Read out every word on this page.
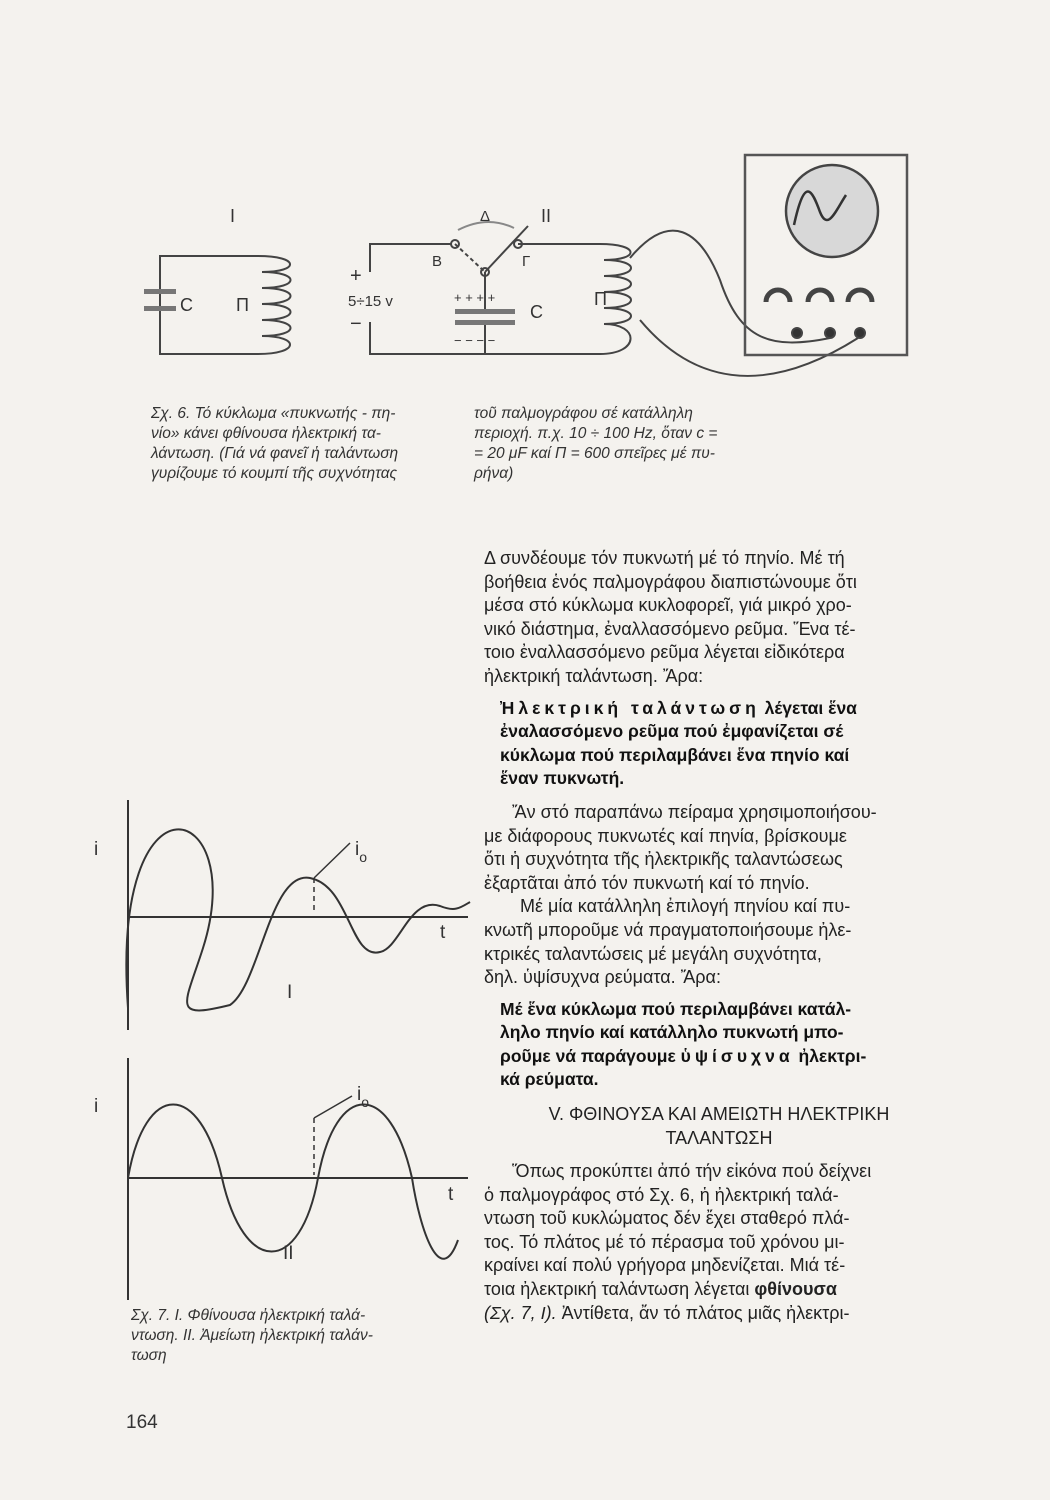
I	II
C Π
+
−
5÷15 v
B
Δ
Γ
+ + + +
− − − −
C
Π
Σχ. 6. Τό κύκλωμα «πυκνωτής - πη-
νίο» κάνει φθίνουσα ἠλεκτρική τα-
λάντωση. (Γιά νά φανεῖ ἡ ταλάντωση
γυρίζουμε τό κουμπί τῆς συχνότητας
τοῦ παλμογράφου σέ κατάλληλη
περιοχή. π.χ. 10 ÷ 100 Hz, ὅταν c =
= 20 μF καί Π = 600 σπεῖρες μέ πυ-
ρήνα)
i
i
t
t
$i_o$
$i_o$
I
II
Σχ. 7. Ι. Φθίνουσα ἠλεκτρική ταλά-
ντωση. ΙΙ. Ἀμείωτη ἠλεκτρική ταλάν-
τωση
Δ συνδέουμε τόν πυκνωτή μέ τό πηνίο. Μέ τή
βοήθεια ἑνός παλμογράφου διαπιστώνουμε ὅτι
μέσα στό κύκλωμα κυκλοφορεῖ, γιά μικρό χρο-
νικό διάστημα, ἐναλλασσόμενο ρεῦμα. Ἕνα τέ-
τοιο ἐναλλασσόμενο ρεῦμα λέγεται εἰδικότερα
ἠλεκτρική ταλάντωση. Ἄρα:
Ἠλεκτρική ταλάντωση λέγεται ἕνα
ἐναλασσόμενο ρεῦμα πού ἐμφανίζεται σέ
κύκλωμα πού περιλαμβάνει ἕνα πηνίο καί
ἕναν πυκνωτή.
Ἄν στό παραπάνω πείραμα χρησιμοποιήσου-
με διάφορους πυκνωτές καί πηνία, βρίσκουμε
ὅτι ἡ συχνότητα τῆς ἠλεκτρικῆς ταλαντώσεως
ἐξαρτᾶται ἀπό τόν πυκνωτή καί τό πηνίο.
Μέ μία κατάλληλη ἐπιλογή πηνίου καί πυ-
κνωτῆ μποροῦμε νά πραγματοποιήσουμε ἠλε-
κτρικές ταλαντώσεις μέ μεγάλη συχνότητα,
δηλ. ὑψίσυχνα ρεύματα. Ἄρα:
Μέ ἕνα κύκλωμα πού περιλαμβάνει κατάλ-
ληλο πηνίο καί κατάλληλο πυκνωτή μπο-
ροῦμε νά παράγουμε ὑψίσυχνα ἠλεκτρι-
κά ρεύματα.
V. ΦΘΙΝΟΥΣΑ ΚΑΙ ΑΜΕΙΩΤΗ ΗΛΕΚΤΡΙΚΗ
ΤΑΛΑΝΤΩΣΗ
Ὅπως προκύπτει ἀπό τήν εἰκόνα πού δείχνει
ὁ παλμογράφος στό Σχ. 6, ἡ ἠλεκτρική ταλά-
ντωση τοῦ κυκλώματος δέν ἔχει σταθερό πλά-
τος. Τό πλάτος μέ τό πέρασμα τοῦ χρόνου μι-
κραίνει καί πολύ γρήγορα μηδενίζεται. Μιά τέ-
τοια ἠλεκτρική ταλάντωση λέγεται φθίνουσα
(Σχ. 7, Ι). Ἀντίθετα, ἄν τό πλάτος μιᾶς ἠλεκτρι-
164
